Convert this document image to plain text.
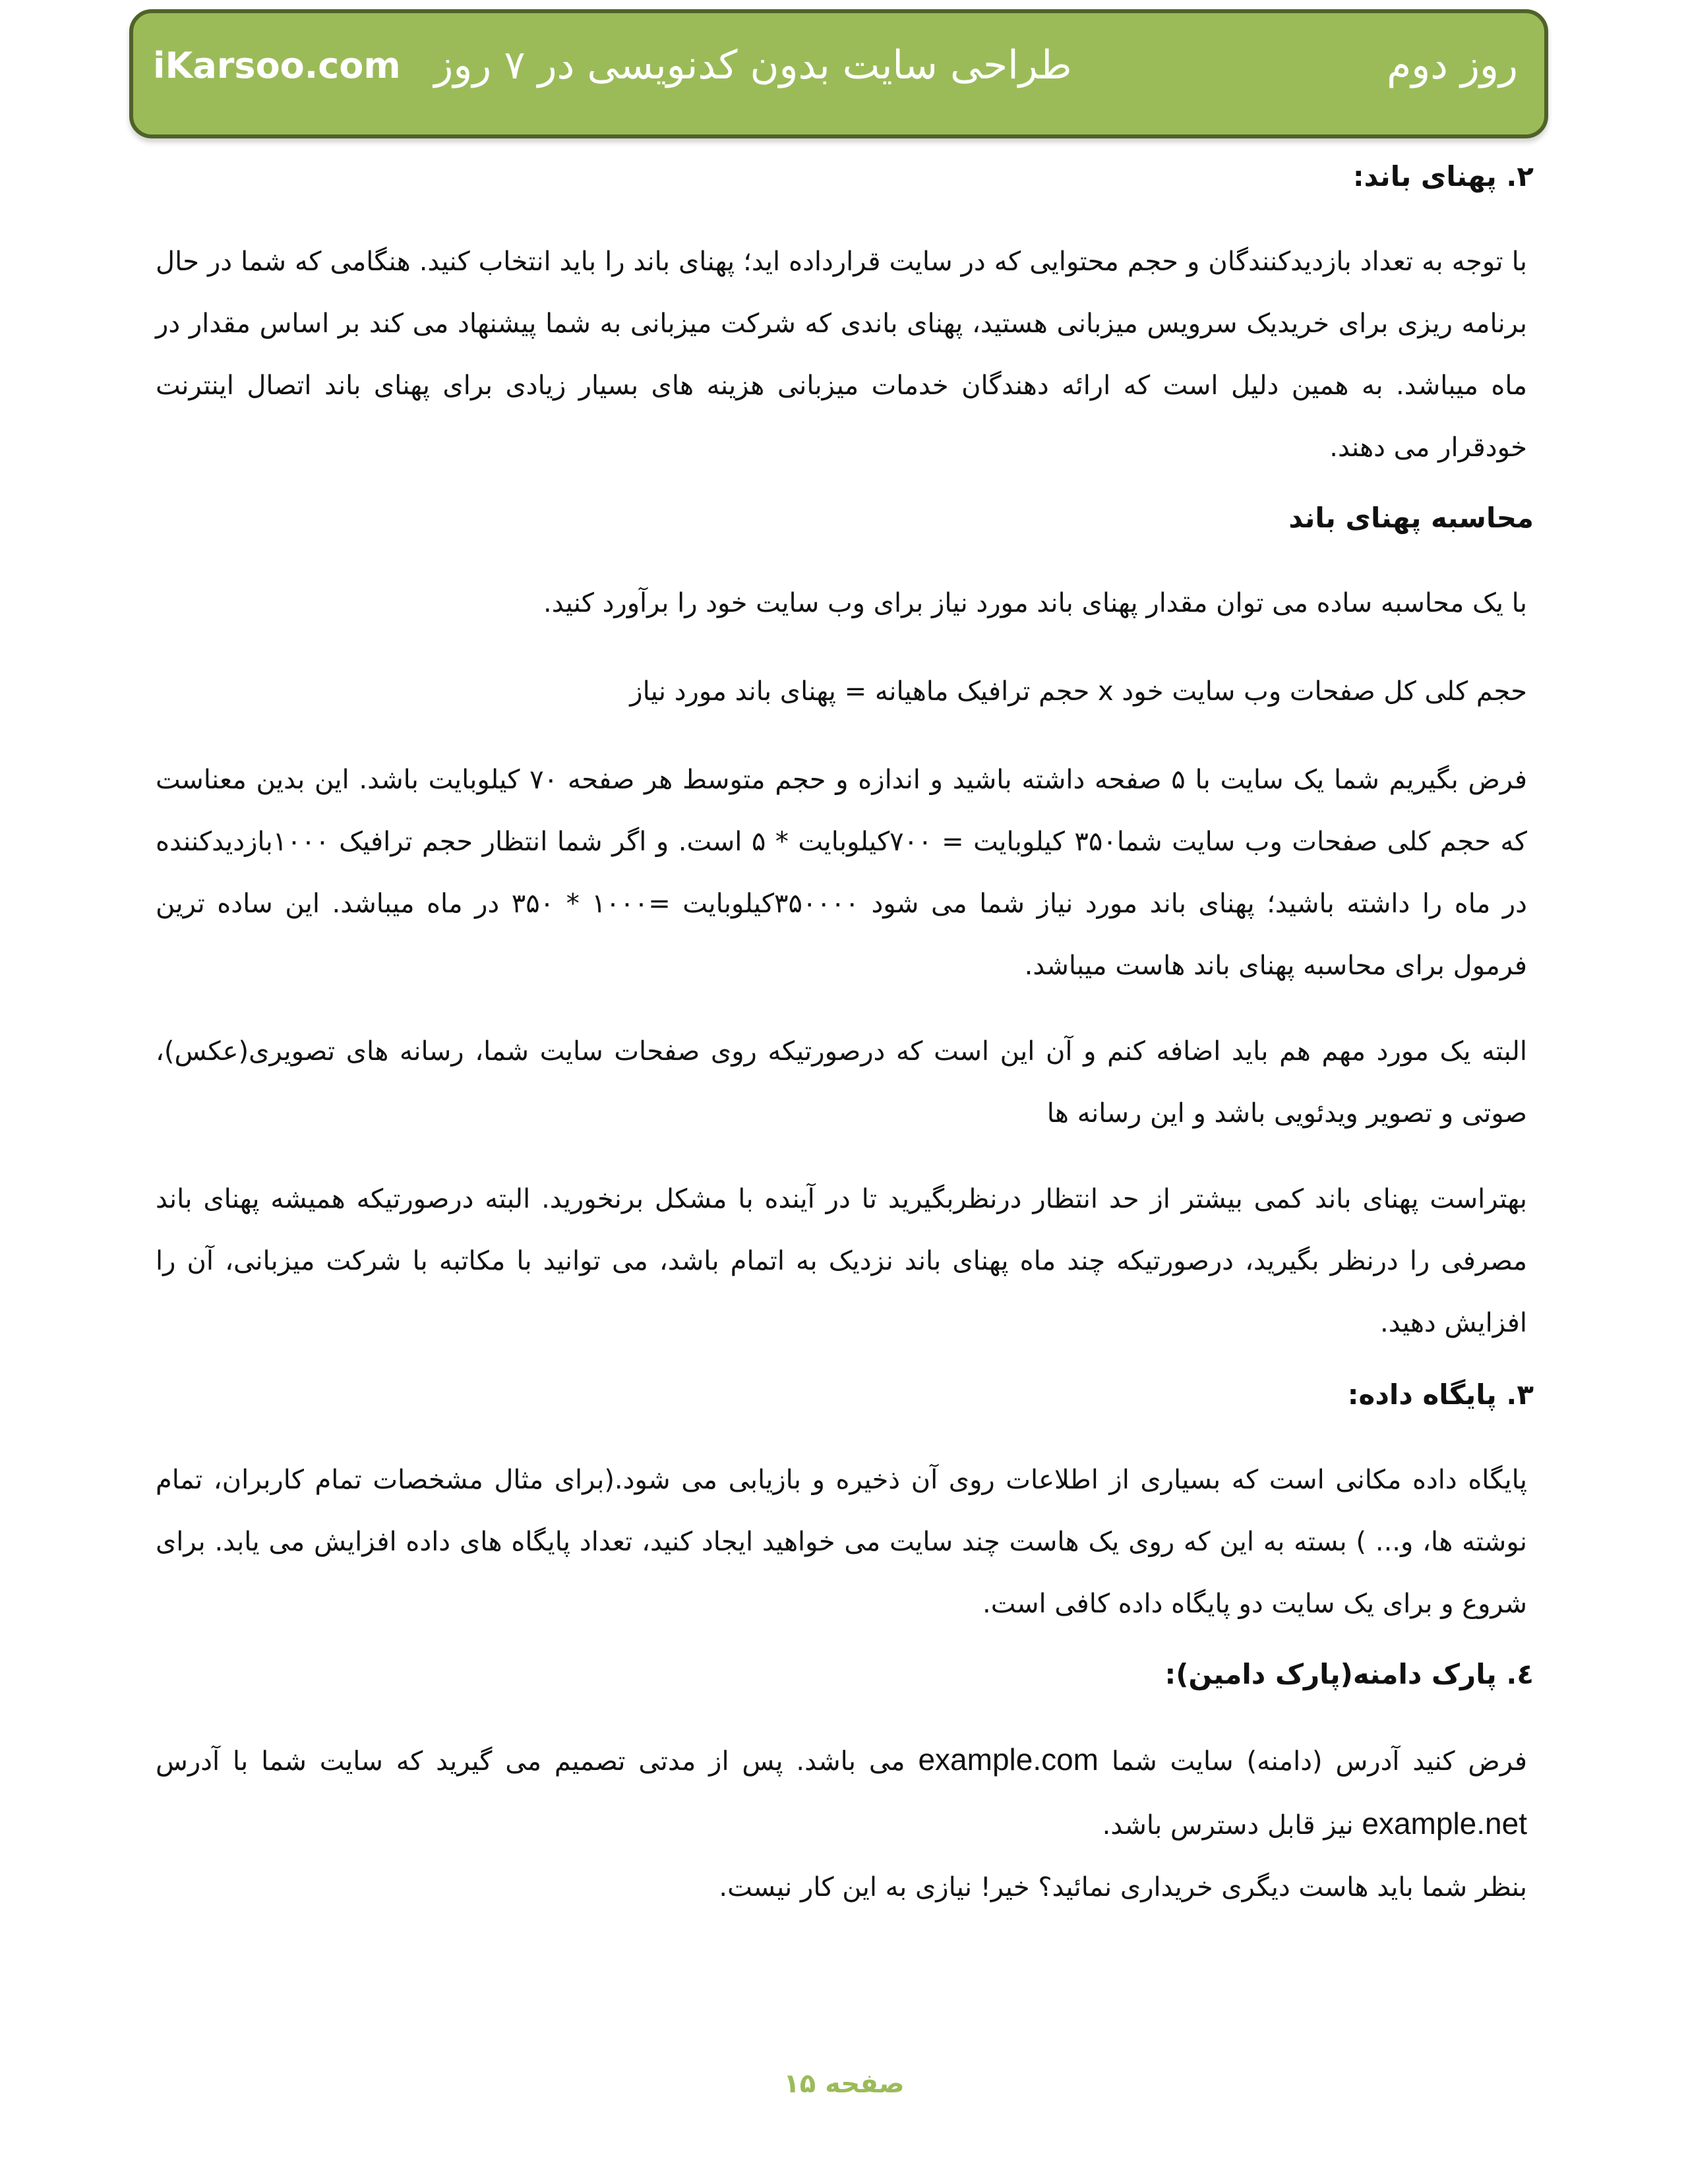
iKarsoo.com طراحی سایت بدون کدنویسی در ۷ روز	روز دوم
۲. پهنای باند:

با توجه به تعداد بازدیدکنندگان و حجم محتوایی که در سایت قرارداده اید؛ پهنای باند را باید انتخاب کنید. هنگامی که شما در حال برنامه ریزی برای خریدیک سرویس میزبانی هستید، پهنای باندی که شرکت میزبانی به شما پیشنهاد می کند بر اساس مقدار در ماه میباشد. به همین دلیل است که ارائه دهندگان خدمات میزبانی هزینه های بسیار زیادی برای پهنای باند اتصال اینترنت خودقرار می دهند.

محاسبه پهنای باند

با یک محاسبه ساده می توان مقدار پهنای باند مورد نیاز برای وب سایت خود را برآورد کنید.

حجم کلی کل صفحات وب سایت خود x حجم ترافیک ماهیانه = پهنای باند مورد نیاز

فرض بگیریم شما یک سایت با ۵ صفحه داشته باشید و اندازه و حجم متوسط هر صفحه ۷۰ کیلوبایت باشد. این بدین معناست که حجم کلی صفحات وب سایت شما۳۵۰ کیلوبایت = ۷۰۰کیلوبایت * ۵ است. و اگر شما انتظار حجم ترافیک ۱۰۰۰بازدیدکننده در ماه را داشته باشید؛ پهنای باند مورد نیاز شما می شود ۳۵۰۰۰۰کیلوبایت =۱۰۰۰ * ۳۵۰ در ماه میباشد. این ساده ترین فرمول برای محاسبه پهنای باند هاست میباشد.

البته یک مورد مهم هم باید اضافه کنم و آن این است که درصورتیکه روی صفحات سایت شما، رسانه های تصویری(عکس)، صوتی و تصویر ویدئویی باشد و این رسانه ها

بهتراست پهنای باند کمی بیشتر از حد انتظار درنظربگیرید تا در آینده با مشکل برنخورید. البته درصورتیکه همیشه پهنای باند مصرفی را درنظر بگیرید، درصورتیکه چند ماه پهنای باند نزدیک به اتمام باشد، می توانید با مکاتبه با شرکت میزبانی، آن را افزایش دهید.

۳. پایگاه داده:

پایگاه داده مکانی است که بسیاری از اطلاعات روی آن ذخیره و بازیابی می شود.(برای مثال مشخصات تمام کاربران، تمام نوشته ها، و... ) بسته به این که روی یک هاست چند سایت می خواهید ایجاد کنید، تعداد پایگاه های داده افزایش می یابد. برای شروع و برای یک سایت دو پایگاه داده کافی است.

٤. پارک دامنه(پارک دامین):

فرض کنید آدرس (دامنه) سایت شما example.com می باشد. پس از مدتی تصمیم می گیرید که سایت شما با آدرس example.net نیز قابل دسترس باشد.

بنظر شما باید هاست دیگری خریداری نمائید؟ خیر! نیازی به این کار نیست.

صفحه ۱۵
